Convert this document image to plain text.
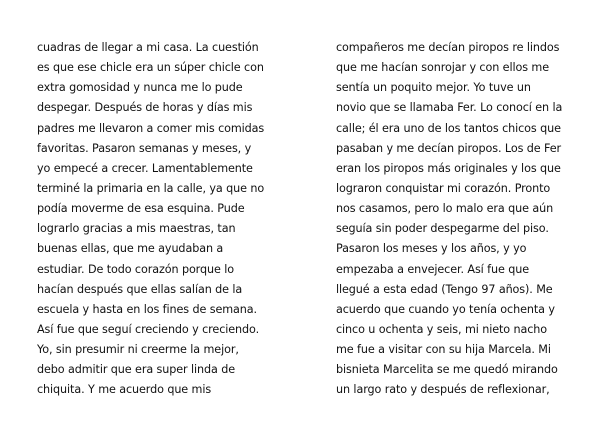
cuadras de llegar a mi casa. La cuestión
es que ese chicle era un súper chicle con
extra gomosidad y nunca me lo pude
despegar. Después de horas y días mis
padres me llevaron a comer mis comidas
favoritas. Pasaron semanas y meses, y
yo empecé a crecer. Lamentablemente
terminé la primaria en la calle, ya que no
podía moverme de esa esquina. Pude
lograrlo gracias a mis maestras, tan
buenas ellas, que me ayudaban a
estudiar. De todo corazón porque lo
hacían después que ellas salían de la
escuela y hasta en los fines de semana.
Así fue que seguí creciendo y creciendo.
Yo, sin presumir ni creerme la mejor,
debo admitir que era super linda de
chiquita. Y me acuerdo que mis
compañeros me decían piropos re lindos
que me hacían sonrojar y con ellos me
sentía un poquito mejor. Yo tuve un
novio que se llamaba Fer. Lo conocí en la
calle; él era uno de los tantos chicos que
pasaban y me decían piropos. Los de Fer
eran los piropos más originales y los que
lograron conquistar mi corazón. Pronto
nos casamos, pero lo malo era que aún
seguía sin poder despegarme del piso.
Pasaron los meses y los años, y yo
empezaba a envejecer. Así fue que
llegué a esta edad (Tengo 97 años). Me
acuerdo que cuando yo tenía ochenta y
cinco u ochenta y seis, mi nieto nacho
me fue a visitar con su hija Marcela. Mi
bisnieta Marcelita se me quedó mirando
un largo rato y después de reflexionar,
